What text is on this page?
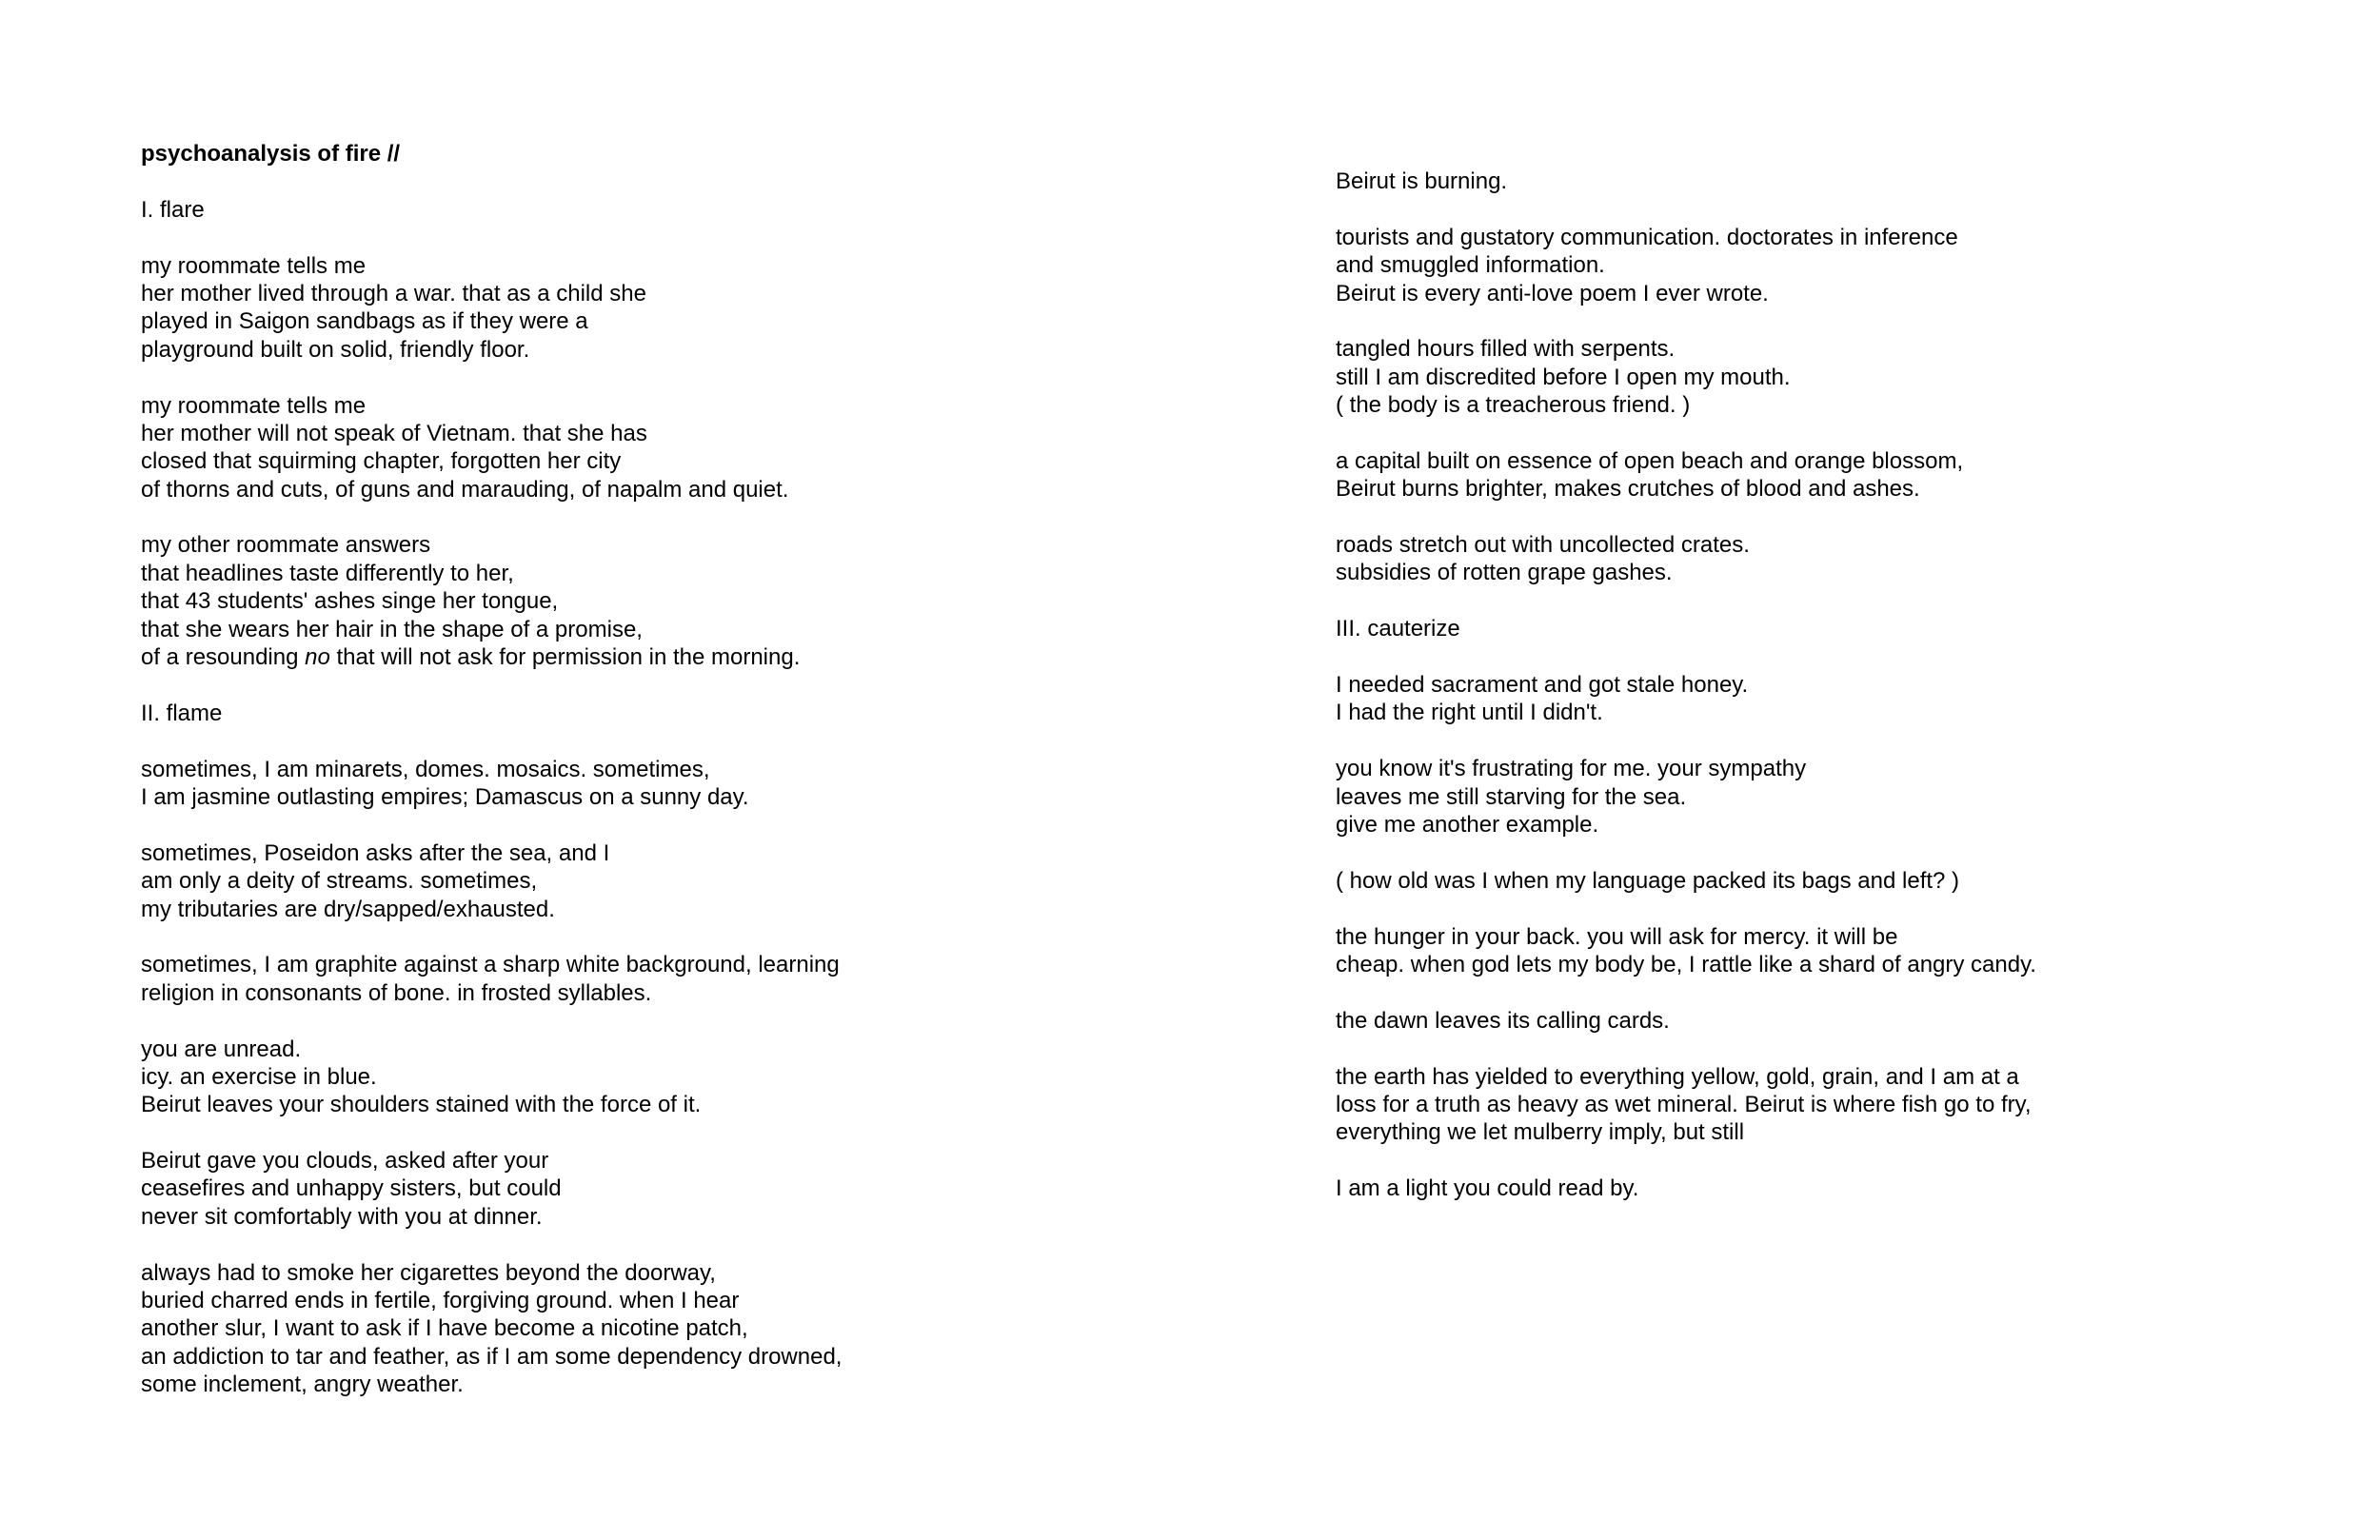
psychoanalysis of fire //

I. flare

my roommate tells me
her mother lived through a war. that as a child she
played in Saigon sandbags as if they were a
playground built on solid, friendly floor.
my roommate tells me
her mother will not speak of Vietnam. that she has
closed that squirming chapter, forgotten her city
of thorns and cuts, of guns and marauding, of napalm and quiet.
my other roommate answers
that headlines taste differently to her,
that 43 students' ashes singe her tongue,
that she wears her hair in the shape of a promise,
of a resounding no that will not ask for permission in the morning.

II. flame

sometimes, I am minarets, domes. mosaics. sometimes,
I am jasmine outlasting empires; Damascus on a sunny day.
sometimes, Poseidon asks after the sea, and I
am only a deity of streams. sometimes,
my tributaries are dry/sapped/exhausted.
sometimes, I am graphite against a sharp white background, learning
religion in consonants of bone. in frosted syllables.
you are unread.
icy. an exercise in blue.
Beirut leaves your shoulders stained with the force of it.
Beirut gave you clouds, asked after your
ceasefires and unhappy sisters, but could
never sit comfortably with you at dinner.
always had to smoke her cigarettes beyond the doorway,
buried charred ends in fertile, forgiving ground. when I hear
another slur, I want to ask if I have become a nicotine patch,
an addiction to tar and feather, as if I am some dependency drowned,
some inclement, angry weather.
Beirut is burning.
tourists and gustatory communication. doctorates in inference
and smuggled information.
Beirut is every anti-love poem I ever wrote.
tangled hours filled with serpents.
still I am discredited before I open my mouth.
( the body is a treacherous friend. )
a capital built on essence of open beach and orange blossom,
Beirut burns brighter, makes crutches of blood and ashes.
roads stretch out with uncollected crates.
subsidies of rotten grape gashes.

III. cauterize

I needed sacrament and got stale honey.
I had the right until I didn't.
you know it's frustrating for me. your sympathy
leaves me still starving for the sea.
give me another example.
( how old was I when my language packed its bags and left? )
the hunger in your back. you will ask for mercy. it will be
cheap. when god lets my body be, I rattle like a shard of angry candy.
the dawn leaves its calling cards.
the earth has yielded to everything yellow, gold, grain, and I am at a
loss for a truth as heavy as wet mineral. Beirut is where fish go to fry,
everything we let mulberry imply, but still
I am a light you could read by.
